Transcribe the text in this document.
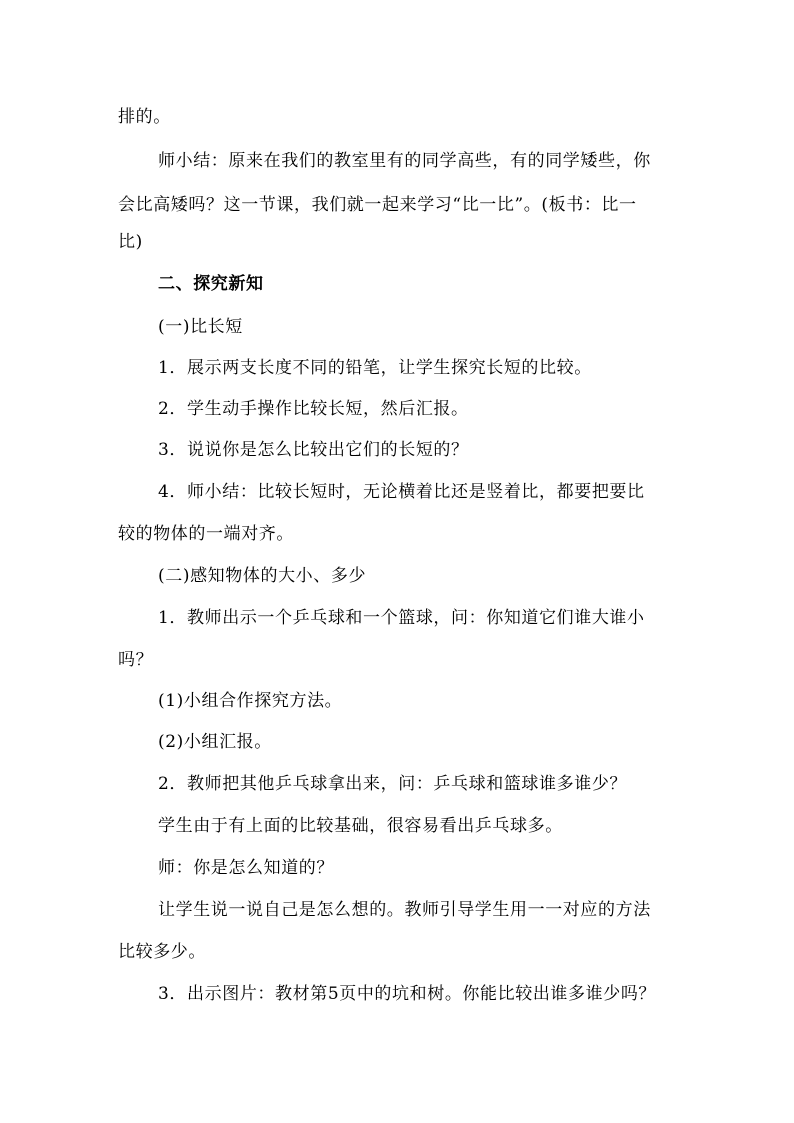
排的。
师小结：原来在我们的教室里有的同学高些，有的同学矮些，你
会比高矮吗？这一节课，我们就一起来学习“比一比”。(板书：比一
比)
二、探究新知
(一)比长短
1．展示两支长度不同的铅笔，让学生探究长短的比较。
2．学生动手操作比较长短，然后汇报。
3．说说你是怎么比较出它们的长短的？
4．师小结：比较长短时，无论横着比还是竖着比，都要把要比
较的物体的一端对齐。
(二)感知物体的大小、多少
1．教师出示一个乒乓球和一个篮球，问：你知道它们谁大谁小
吗？
(1)小组合作探究方法。
(2)小组汇报。
2．教师把其他乒乓球拿出来，问：乒乓球和篮球谁多谁少？
学生由于有上面的比较基础，很容易看出乒乓球多。
师：你是怎么知道的？
让学生说一说自己是怎么想的。教师引导学生用一一对应的方法
比较多少。
3．出示图片：教材第5页中的坑和树。你能比较出谁多谁少吗？
